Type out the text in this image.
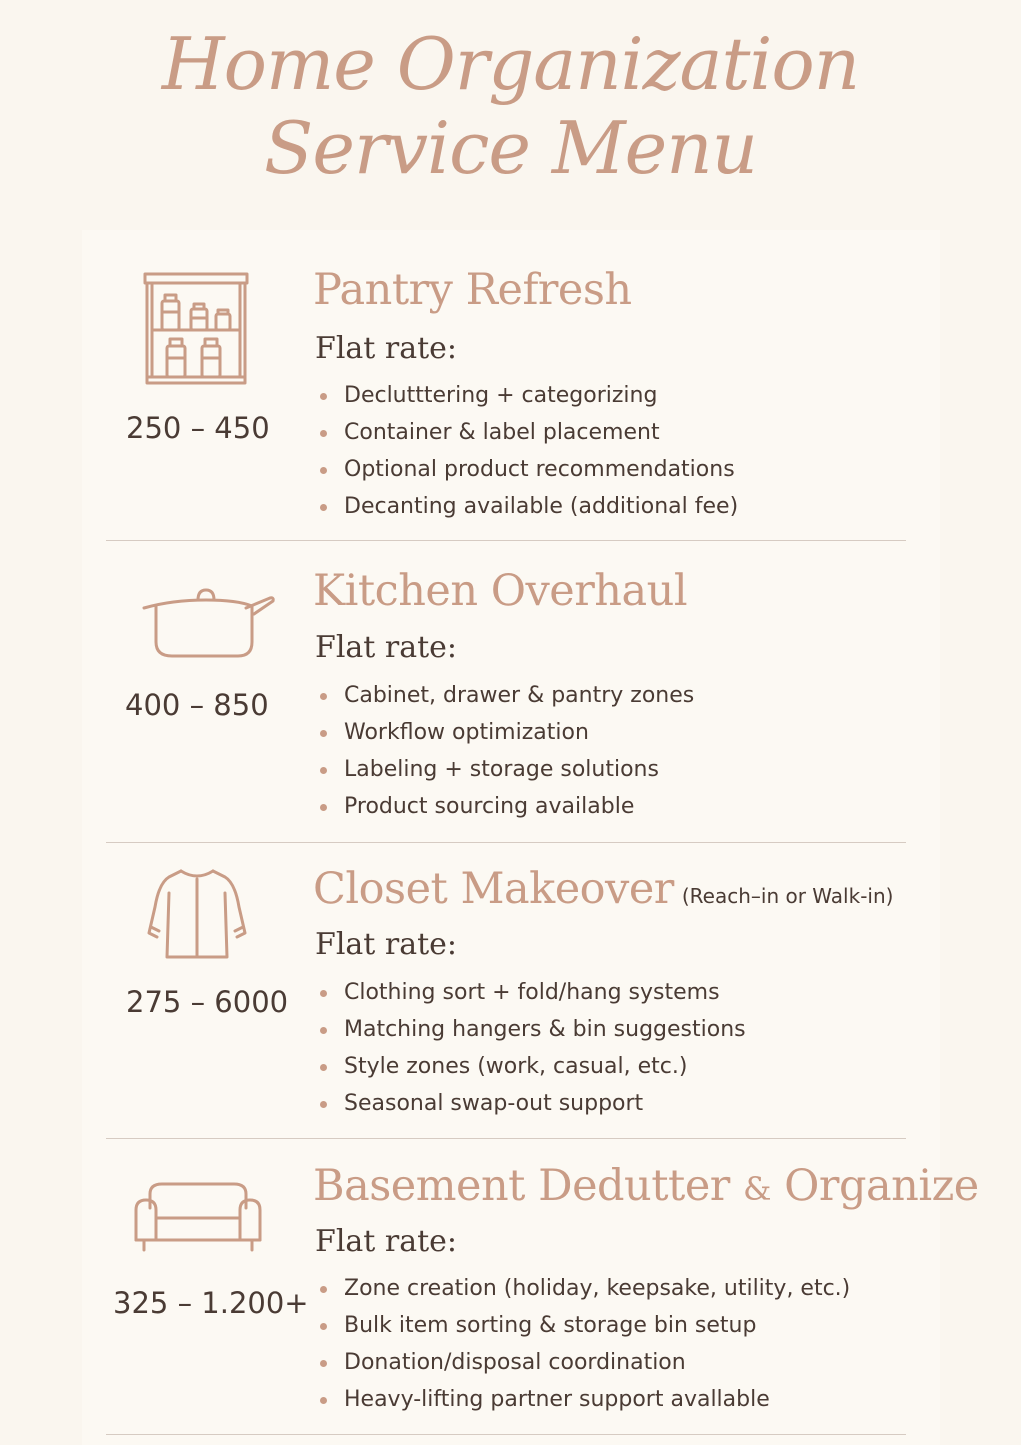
Home Organization
Service Menu
250 – 450
Pantry Refresh
Flat rate:
Declutttering + categorizing
Container & label placement
Optional product recommendations
Decanting available (additional fee)
400 – 850
Kitchen Overhaul
Flat rate:
Cabinet, drawer & pantry zones
Workflow optimization
Labeling + storage solutions
Product sourcing available
275 – 6000
Closet Makeover (Reach–in or Walk-in)
Flat rate:
Clothing sort + fold/hang systems
Matching hangers & bin suggestions
Style zones (work, casual, etc.)
Seasonal swap-out support
325 – 1.200+
Basement Dedutter & Organize
Flat rate:
Zone creation (holiday, keepsake, utility, etc.)
Bulk item sorting & storage bin setup
Donation/disposal coordination
Heavy-lifting partner support avallable
